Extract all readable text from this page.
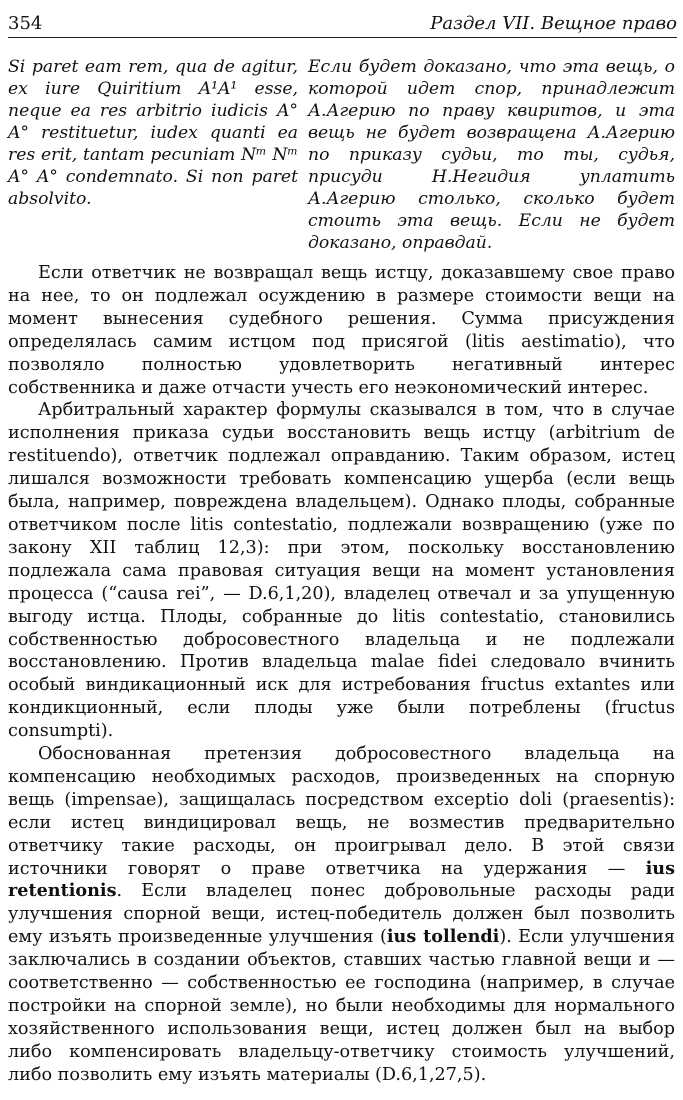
354	Раздел VII. Вещное право
Si paret eam rem, qua de agitur, ex iure Quiritium A¹A¹ esse, neque ea res arbitrio iudicis A° A° restituetur, iudex quanti ea res erit, tantam pecuniam Nᵐ Nᵐ A° A° condemnato. Si non paret absolvito.
Если будет доказано, что эта вещь, о которой идет спор, принадлежит А.Агерию по праву квиритов, и эта вещь не будет возвращена А.Агерию по приказу судьи, то ты, судья, присуди Н.Негидия уплатить А.Агерию столько, сколько будет стоить эта вещь. Если не будет доказано, оправдай.

Если ответчик не возвращал вещь истцу, доказавшему свое право на нее, то он подлежал осуждению в размере стоимости вещи на момент вынесения судебного решения. Сумма присуждения определялась самим истцом под присягой (litis aestimatio), что позволяло полностью удовлетворить негативный интерес собственника и даже отчасти учесть его неэкономический интерес.

Арбитральный характер формулы сказывался в том, что в случае исполнения приказа судьи восстановить вещь истцу (arbitrium de restituendo), ответчик подлежал оправданию. Таким образом, истец лишался возможности требовать компенсацию ущерба (если вещь была, например, повреждена владельцем). Однако плоды, собранные ответчиком после litis contestatio, подлежали возвращению (уже по закону XII таблиц 12,3): при этом, поскольку восстановлению подлежала сама правовая ситуация вещи на момент установления процесса (“causa rei”, — D.6,1,20), владелец отвечал и за упущенную выгоду истца. Плоды, собранные до litis contestatio, становились собственностью добросовестного владельца и не подлежали восстановлению. Против владельца malae fidei следовало вчинить особый виндикационный иск для истребования fructus extantes или кондикционный, если плоды уже были потреблены (fructus consumpti).

Обоснованная претензия добросовестного владельца на компенсацию необходимых расходов, произведенных на спорную вещь (impensae), защищалась посредством exceptio doli (praesentis): если истец виндицировал вещь, не возместив предварительно ответчику такие расходы, он проигрывал дело. В этой связи источники говорят о праве ответчика на удержания — ius retentionis. Если владелец понес добровольные расходы ради улучшения спорной вещи, истец-победитель должен был позволить ему изъять произведенные улучшения (ius tollendi). Если улучшения заключались в создании объектов, ставших частью главной вещи и — соответственно — собственностью ее господина (например, в случае постройки на спорной земле), но были необходимы для нормального хозяйственного использования вещи, истец должен был на выбор либо компенсировать владельцу-ответчику стоимость улучшений, либо позволить ему изъять материалы (D.6,1,27,5).
